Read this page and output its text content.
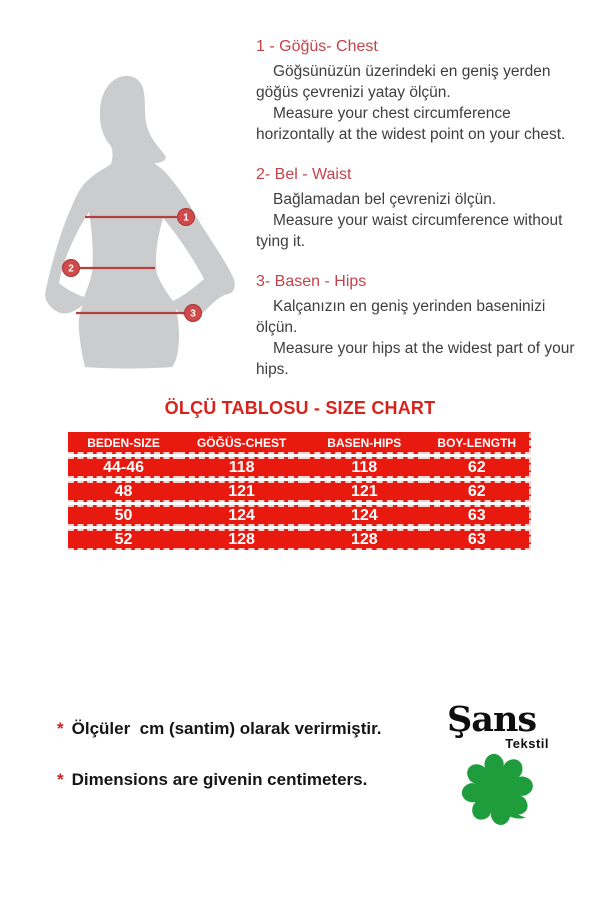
1
2
3
1 - Göğüs- Chest

Göğsünüzün üzerindeki en geniş yerden göğüs çevrenizi yatay ölçün.

Measure your chest circumference horizontally at the widest point on your chest.

2- Bel - Waist

Bağlamadan bel çevrenizi ölçün.

Measure your waist circumference without tying it.

3- Basen - Hips

Kalçanızın en geniş yerinden baseninizi ölçün.

Measure your hips at the widest part of your hips.

ÖLÇÜ TABLOSU - SIZE CHART
BEDEN-SIZE	GÖĞÜS-CHEST	BASEN-HIPS	BOY-LENGTH
44-46	118	118	62
48	121	121	62
50	124	124	63
52	128	128	63

* Ölçüler  cm (santim) olarak verirmiştir.

* Dimensions are givenin centimeters.

Şans
Tekstil
